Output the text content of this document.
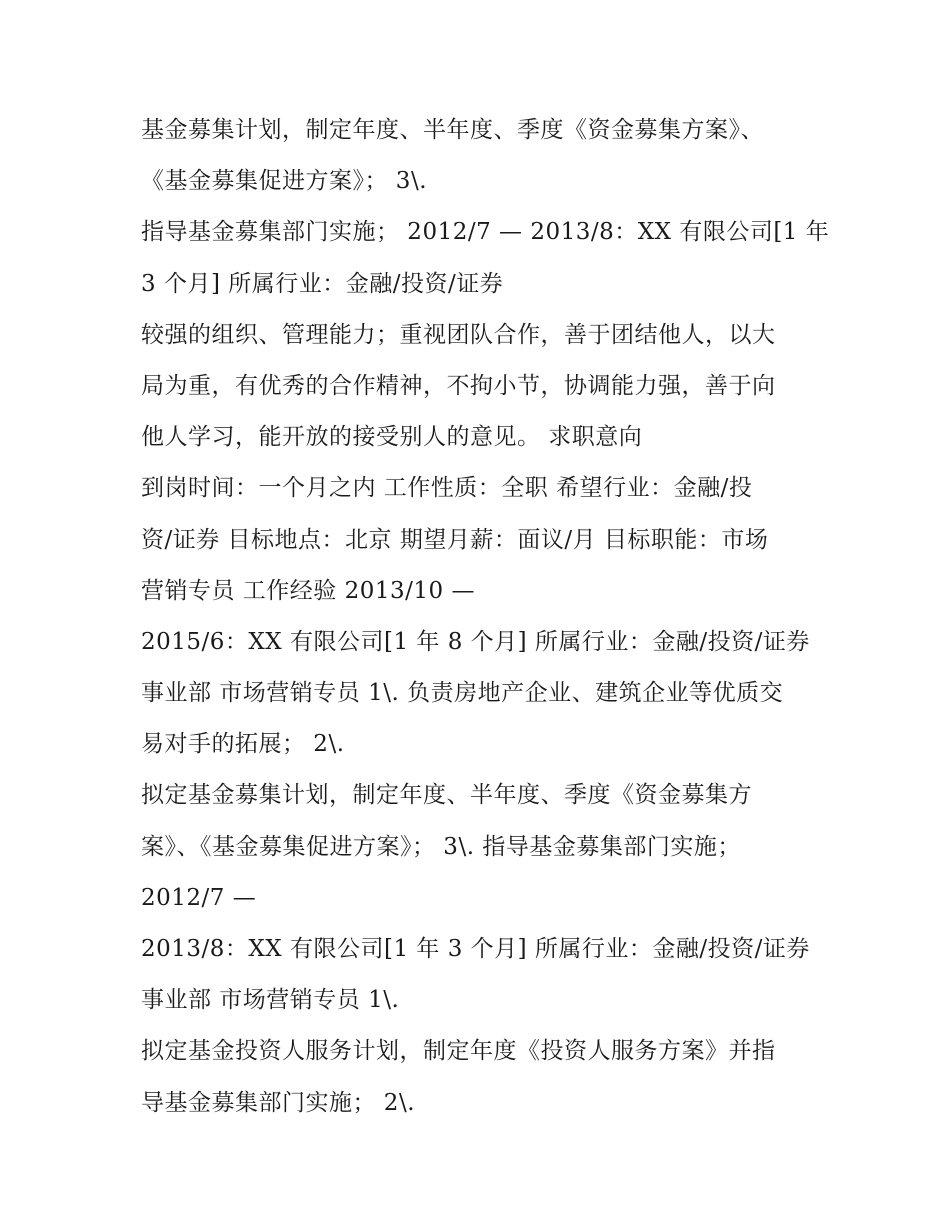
基金募集计划，制定年度、半年度、季度《资金募集方案》、
《基金募集促进方案》； 3\.
指导基金募集部门实施； 2012/7 — 2013/8：XX 有限公司[1 年
3 个月] 所属行业：金融/投资/证券
较强的组织、管理能力；重视团队合作，善于团结他人，以大
局为重，有优秀的合作精神，不拘小节，协调能力强，善于向
他人学习，能开放的接受别人的意见。 求职意向
到岗时间：一个月之内 工作性质：全职 希望行业：金融/投
资/证券 目标地点：北京 期望月薪：面议/月 目标职能：市场
营销专员 工作经验 2013/10 —
2015/6：XX 有限公司[1 年 8 个月] 所属行业：金融/投资/证券
事业部 市场营销专员 1\. 负责房地产企业、建筑企业等优质交
易对手的拓展； 2\.
拟定基金募集计划，制定年度、半年度、季度《资金募集方
案》、《基金募集促进方案》； 3\. 指导基金募集部门实施；
2012/7 —
2013/8：XX 有限公司[1 年 3 个月] 所属行业：金融/投资/证券
事业部 市场营销专员 1\.
拟定基金投资人服务计划，制定年度《投资人服务方案》并指
导基金募集部门实施； 2\.
